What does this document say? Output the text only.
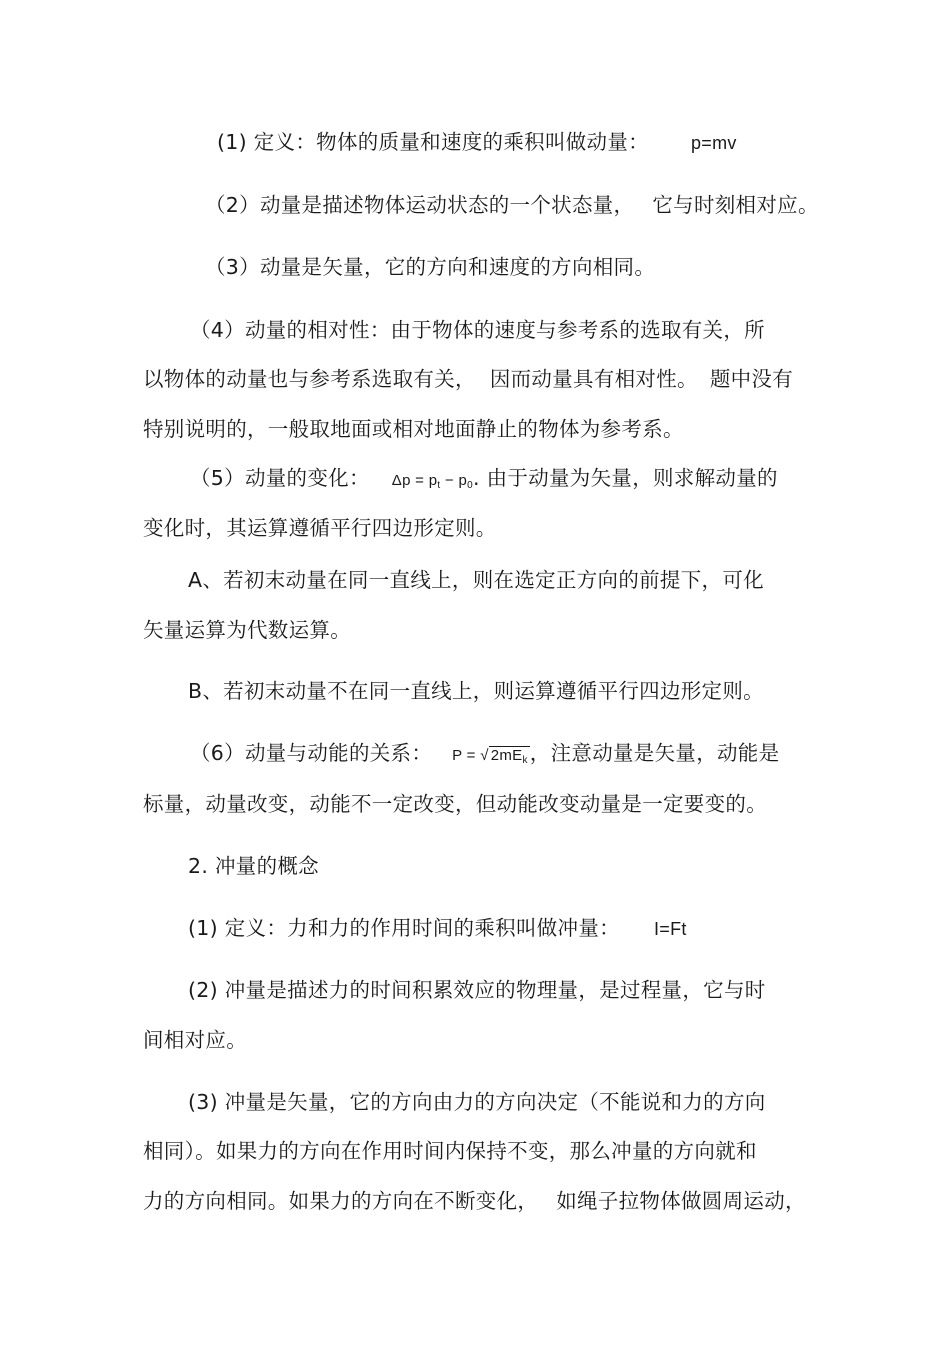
(1) 定义：物体的质量和速度的乘积叫做动量： p=mv
（2）动量是描述物体运动状态的一个状态量， 它与时刻相对应。
（3）动量是矢量，它的方向和速度的方向相同。
（4）动量的相对性：由于物体的速度与参考系的选取有关，所
以物体的动量也与参考系选取有关， 因而动量具有相对性。 题中没有
特别说明的，一般取地面或相对地面静止的物体为参考系。
（5）动量的变化： $\Delta p = p_t - p_0$. 由于动量为矢量，则求解动量的
变化时，其运算遵循平行四边形定则。
A、若初末动量在同一直线上，则在选定正方向的前提下，可化
矢量运算为代数运算。
B、若初末动量不在同一直线上，则运算遵循平行四边形定则。
（6）动量与动能的关系： P = √ $2mE_k$，注意动量是矢量，动能是
标量，动量改变，动能不一定改变，但动能改变动量是一定要变的。
2. 冲量的概念
(1) 定义：力和力的作用时间的乘积叫做冲量： I=Ft
(2) 冲量是描述力的时间积累效应的物理量，是过程量，它与时
间相对应。
(3) 冲量是矢量，它的方向由力的方向决定（不能说和力的方向
相同）。如果力的方向在作用时间内保持不变，那么冲量的方向就和
力的方向相同。如果力的方向在不断变化， 如绳子拉物体做圆周运动，
